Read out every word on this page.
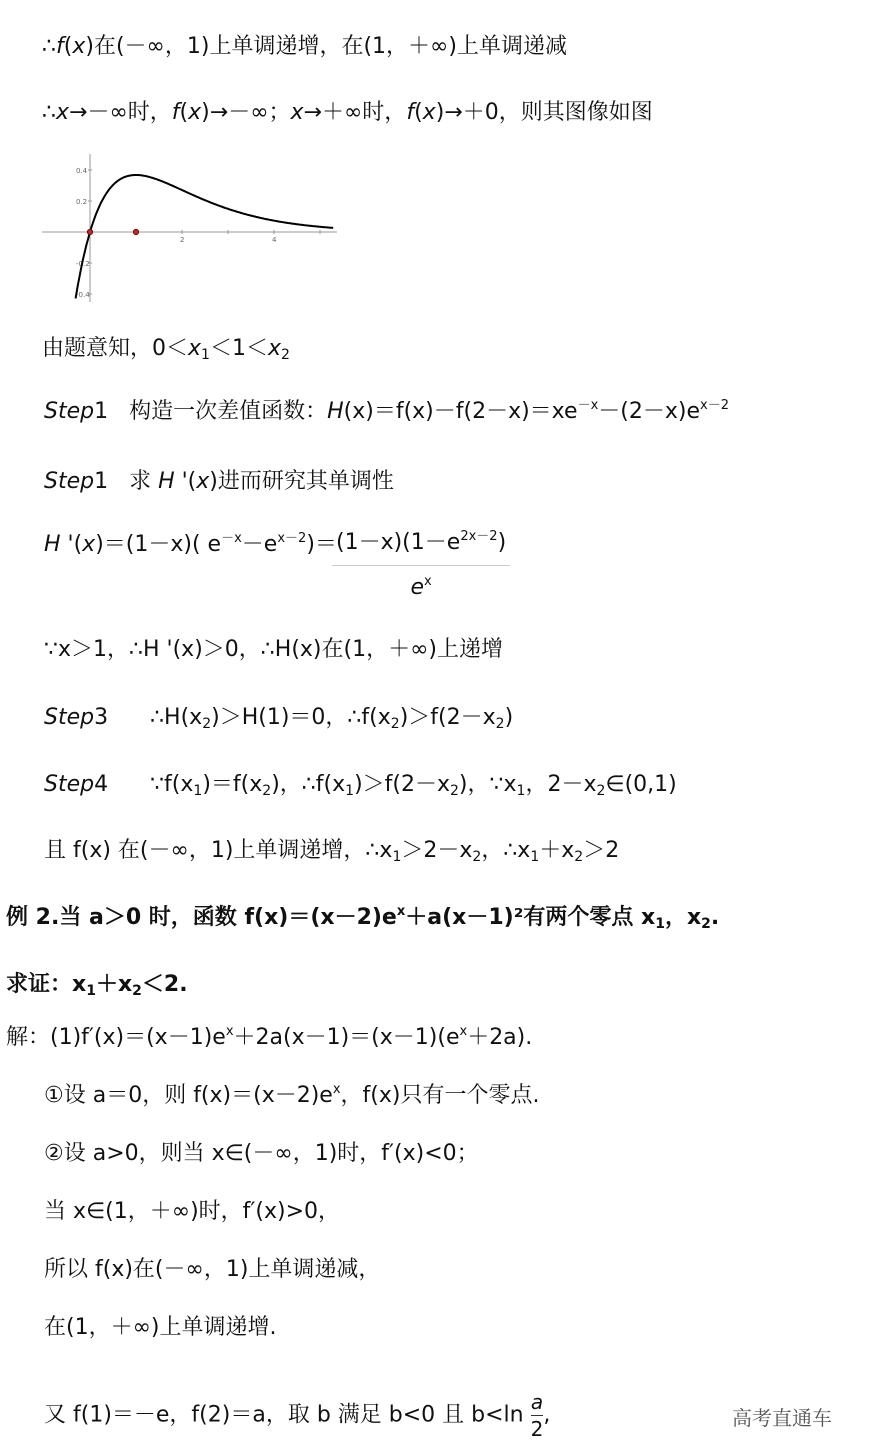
∴f(x)在(－∞，1)上单调递增，在(1，＋∞)上单调递减
∴x→－∞时，f(x)→－∞；x→＋∞时，f(x)→＋0，则其图像如图
2	4
0.4
0.2
-0.2
-0.4
由题意知，$0<x_1<1<x_2$
Step1 构造一次差值函数：$H(x)=f(x)-f(2-x)=xe^{-x}-(2-x)e^{x-2}$
Step1 求 H '(x)进而研究其单调性
H '(x)＝(1－x)( $e^{-x}-e^{x-2})= (1-x)(1-e^{2x-2})$
$e^x$
∵x＞1，∴H '(x)＞0，∴H(x)在(1，＋∞)上递增
Step3 $\therefore H(x_2)>H(1)=0$，$\therefore f(x_2)>f(2-x_2)$
Step4 $\because f(x_1)=f(x_2)$，$\therefore f(x_1)>f(2-x_2)$，$\because x_1$，$2-x_2\in(0,1)$
且 f(x) 在(－∞，1)上单调递增，$\therefore x_1>2-x_2$，$\therefore x_1+x_2>2$
例 2.当 a＞0 时，函数 $f(x)=(x-2)e^x+a(x-1)^2$有两个零点 $x_1$，$x_2$.
求证：$x_1+x_2<2$.
解：$(1)f'(x)=(x-1)e^x+2a(x-1)=(x-1)(e^x+2a)$.
①设 a＝0，则 $f(x)=(x-2)e^x$，f(x)只有一个零点.
②设 a>0，则当 x∈(－∞，1)时，f′(x)<0；
当 x∈(1，＋∞)时，f′(x)>0，
所以 f(x)在(－∞，1)上单调递减，
在(1，＋∞)上单调递增.
又 f(1)＝－e，f(2)＝a，取 b 满足 b<0 且 $b<\ln \frac{a}{2}$,	高考直通车
